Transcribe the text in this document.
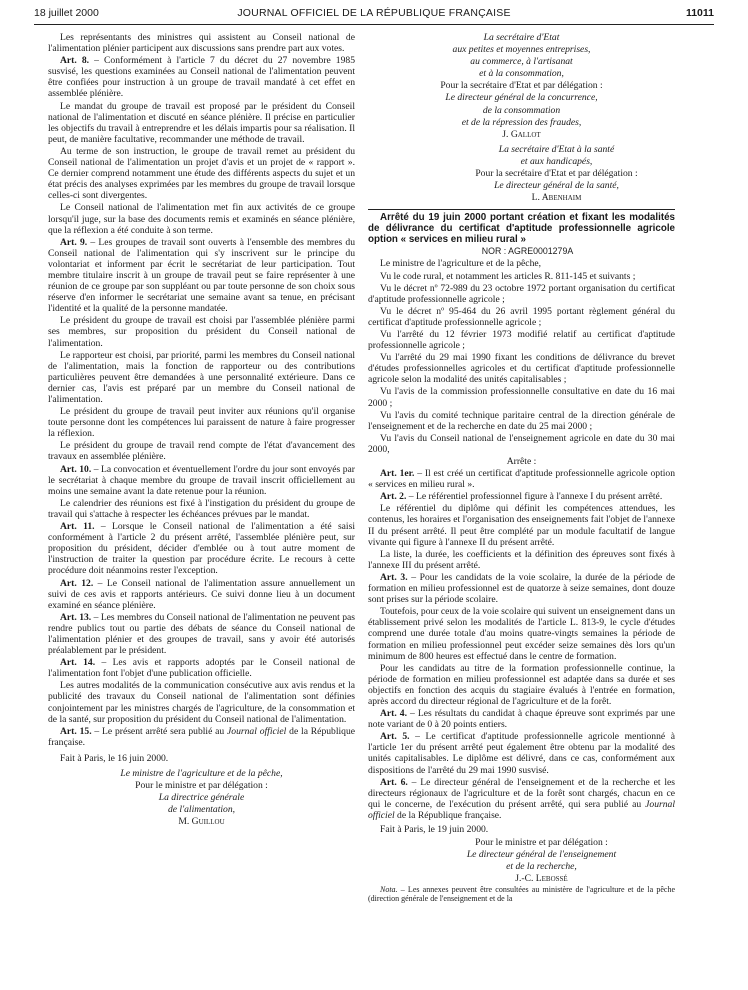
18 juillet 2000	JOURNAL OFFICIEL DE LA RÉPUBLIQUE FRANÇAISE	11011

Les représentants des ministres qui assistent au Conseil national de l'alimentation plénier participent aux discussions sans prendre part aux votes.

Art. 8. – Conformément à l'article 7 du décret du 27 novembre 1985 susvisé, les questions examinées au Conseil national de l'alimentation peuvent être confiées pour instruction à un groupe de travail mandaté à cet effet en assemblée plénière.

Le mandat du groupe de travail est proposé par le président du Conseil national de l'alimentation et discuté en séance plénière. Il précise en particulier les objectifs du travail à entreprendre et les délais impartis pour sa réalisation. Il peut, de manière facultative, recommander une méthode de travail.

Au terme de son instruction, le groupe de travail remet au président du Conseil national de l'alimentation un projet d'avis et un projet de « rapport ». Ce dernier comprend notamment une étude des différents aspects du sujet et un état précis des analyses exprimées par les membres du groupe de travail lorsque celles-ci sont divergentes.

Le Conseil national de l'alimentation met fin aux activités de ce groupe lorsqu'il juge, sur la base des documents remis et examinés en séance plénière, que la réflexion a été conduite à son terme.

Art. 9. – Les groupes de travail sont ouverts à l'ensemble des membres du Conseil national de l'alimentation qui s'y inscrivent sur le principe du volontariat et informent par écrit le secrétariat de leur participation. Tout membre titulaire inscrit à un groupe de travail peut se faire représenter à une réunion de ce groupe par son suppléant ou par toute personne de son choix sous réserve d'en informer le secrétariat une semaine avant sa tenue, en précisant l'identité et la qualité de la personne mandatée.

Le président du groupe de travail est choisi par l'assemblée plénière parmi ses membres, sur proposition du président du Conseil national de l'alimentation.

Le rapporteur est choisi, par priorité, parmi les membres du Conseil national de l'alimentation, mais la fonction de rapporteur ou des contributions particulières peuvent être demandées à une personnalité extérieure. Dans ce dernier cas, l'avis est préparé par un membre du Conseil national de l'alimentation.

Le président du groupe de travail peut inviter aux réunions qu'il organise toute personne dont les compétences lui paraissent de nature à faire progresser la réflexion.

Le président du groupe de travail rend compte de l'état d'avancement des travaux en assemblée plénière.

Art. 10. – La convocation et éventuellement l'ordre du jour sont envoyés par le secrétariat à chaque membre du groupe de travail inscrit officiellement au moins une semaine avant la date retenue pour la réunion.

Le calendrier des réunions est fixé à l'instigation du président du groupe de travail qui s'attache à respecter les échéances prévues par le mandat.

Art. 11. – Lorsque le Conseil national de l'alimentation a été saisi conformément à l'article 2 du présent arrêté, l'assemblée plénière peut, sur proposition du président, décider d'emblée ou à tout autre moment de l'instruction de traiter la question par procédure écrite. Le recours à cette procédure doit néanmoins rester l'exception.

Art. 12. – Le Conseil national de l'alimentation assure annuellement un suivi de ces avis et rapports antérieurs. Ce suivi donne lieu à un document examiné en séance plénière.

Art. 13. – Les membres du Conseil national de l'alimentation ne peuvent pas rendre publics tout ou partie des débats de séance du Conseil national de l'alimentation plénier et des groupes de travail, sans y avoir été autorisés préalablement par le président.

Art. 14. – Les avis et rapports adoptés par le Conseil national de l'alimentation font l'objet d'une publication officielle.

Les autres modalités de la communication consécutive aux avis rendus et la publicité des travaux du Conseil national de l'alimentation sont définies conjointement par les ministres chargés de l'agriculture, de la consommation et de la santé, sur proposition du président du Conseil national de l'alimentation.

Art. 15. – Le présent arrêté sera publié au Journal officiel de la République française.

Fait à Paris, le 16 juin 2000.

Le ministre de l'agriculture et de la pêche,

Pour le ministre et par délégation :

La directrice générale

de l'alimentation,

M. Guillou

La secrétaire d'Etat

aux petites et moyennes entreprises,

au commerce, à l'artisanat

et à la consommation,

Pour la secrétaire d'Etat et par délégation :

Le directeur général de la concurrence,

de la consommation

et de la répression des fraudes,

J. Gallot

La secrétaire d'Etat à la santé

et aux handicapés,

Pour la secrétaire d'Etat et par délégation :

Le directeur général de la santé,

L. Abenhaim

Arrêté du 19 juin 2000 portant création et fixant les modalités de délivrance du certificat d'aptitude professionnelle agricole option « services en milieu rural »

NOR : AGRE0001279A

Le ministre de l'agriculture et de la pêche,

Vu le code rural, et notamment les articles R. 811-145 et suivants ;

Vu le décret nº 72-989 du 23 octobre 1972 portant organisation du certificat d'aptitude professionnelle agricole ;

Vu le décret nº 95-464 du 26 avril 1995 portant règlement général du certificat d'aptitude professionnelle agricole ;

Vu l'arrêté du 12 février 1973 modifié relatif au certificat d'aptitude professionnelle agricole ;

Vu l'arrêté du 29 mai 1990 fixant les conditions de délivrance du brevet d'études professionnelles agricoles et du certificat d'aptitude professionnelle agricole selon la modalité des unités capitalisables ;

Vu l'avis de la commission professionnelle consultative en date du 16 mai 2000 ;

Vu l'avis du comité technique paritaire central de la direction générale de l'enseignement et de la recherche en date du 25 mai 2000 ;

Vu l'avis du Conseil national de l'enseignement agricole en date du 30 mai 2000,

Arrête :

Art. 1er. – Il est créé un certificat d'aptitude professionnelle agricole option « services en milieu rural ».

Art. 2. – Le référentiel professionnel figure à l'annexe I du présent arrêté.

Le référentiel du diplôme qui définit les compétences attendues, les contenus, les horaires et l'organisation des enseignements fait l'objet de l'annexe II du présent arrêté. Il peut être complété par un module facultatif de langue vivante qui figure à l'annexe II du présent arrêté.

La liste, la durée, les coefficients et la définition des épreuves sont fixés à l'annexe III du présent arrêté.

Art. 3. – Pour les candidats de la voie scolaire, la durée de la période de formation en milieu professionnel est de quatorze à seize semaines, dont douze sont prises sur la période scolaire.

Toutefois, pour ceux de la voie scolaire qui suivent un enseignement dans un établissement privé selon les modalités de l'article L. 813-9, le cycle d'études comprend une durée totale d'au moins quatre-vingts semaines la période de formation en milieu professionnel peut excéder seize semaines dès lors qu'un minimum de 800 heures est effectué dans le centre de formation.

Pour les candidats au titre de la formation professionnelle continue, la période de formation en milieu professionnel est adaptée dans sa durée et ses objectifs en fonction des acquis du stagiaire évalués à l'entrée en formation, après accord du directeur régional de l'agriculture et de la forêt.

Art. 4. – Les résultats du candidat à chaque épreuve sont exprimés par une note variant de 0 à 20 points entiers.

Art. 5. – Le certificat d'aptitude professionnelle agricole mentionné à l'article 1er du présent arrêté peut également être obtenu par la modalité des unités capitalisables. Le diplôme est délivré, dans ce cas, conformément aux dispositions de l'arrêté du 29 mai 1990 susvisé.

Art. 6. – Le directeur général de l'enseignement et de la recherche et les directeurs régionaux de l'agriculture et de la forêt sont chargés, chacun en ce qui le concerne, de l'exécution du présent arrêté, qui sera publié au Journal officiel de la République française.

Fait à Paris, le 19 juin 2000.

Pour le ministre et par délégation :

Le directeur général de l'enseignement

et de la recherche,

J.-C. Lebossé

Nota. – Les annexes peuvent être consultées au ministère de l'agriculture et de la pêche (direction générale de l'enseignement et de la
